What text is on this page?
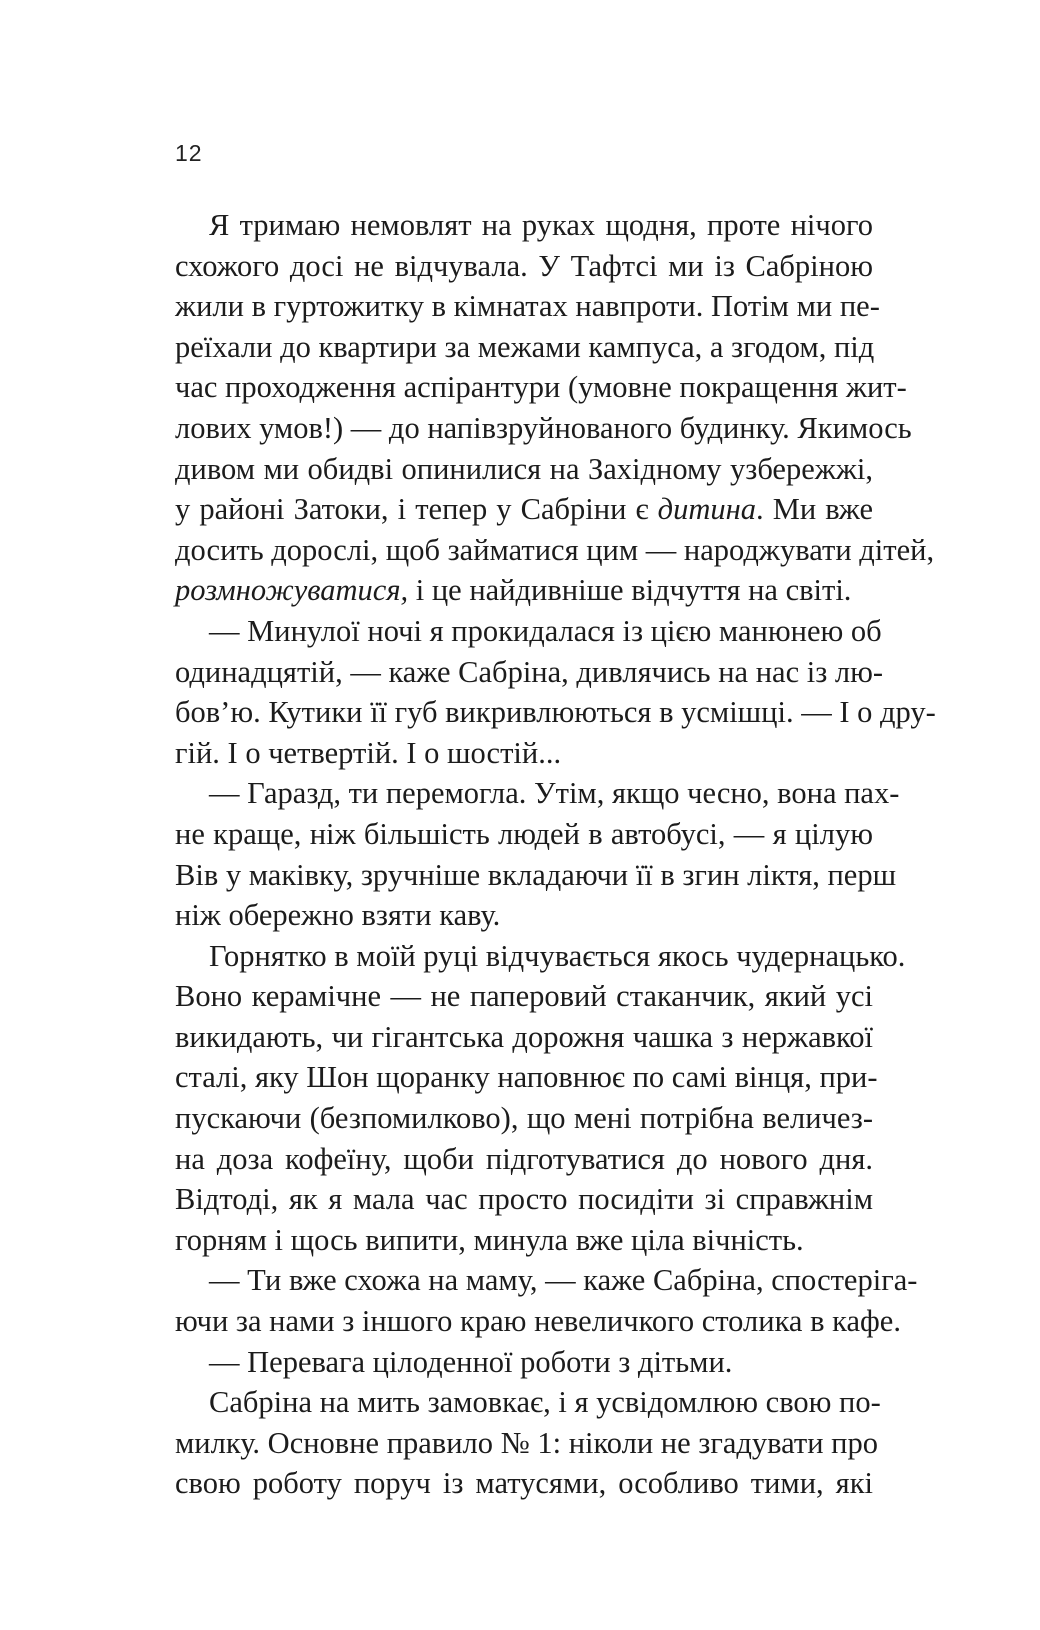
12
Я тримаю немовлят на руках щодня, проте нічого
схожого досі не відчувала. У Тафтсі ми із Сабріною
жили в гуртожитку в кімнатах навпроти. Потім ми пе-
реїхали до квартири за межами кампуса, а згодом, під
час проходження аспірантури (умовне покращення жит-
лових умов!) — до напівзруйнованого будинку. Якимось
дивом ми обидві опинилися на Західному узбережжі,
у районі Затоки, і тепер у Сабріни є дитина. Ми вже
досить дорослі, щоб займатися цим — народжувати дітей,
розмножуватися, і це найдивніше відчуття на світі.
— Минулої ночі я прокидалася із цією манюнею об
одинадцятій, — каже Сабріна, дивлячись на нас із лю-
бов’ю. Кутики її губ викривлюються в усмішці. — І о дру-
гій. І о четвертій. І о шостій...
— Гаразд, ти перемогла. Утім, якщо чесно, вона пах-
не краще, ніж більшість людей в автобусі, — я цілую
Вів у маківку, зручніше вкладаючи її в згин ліктя, перш
ніж обережно взяти каву.
Горнятко в моїй руці відчувається якось чудернацько.
Воно керамічне — не паперовий стаканчик, який усі
викидають, чи гігантська дорожня чашка з нержавкої
сталі, яку Шон щоранку наповнює по самі вінця, при-
пускаючи (безпомилково), що мені потрібна величез-
на доза кофеїну, щоби підготуватися до нового дня.
Відтоді, як я мала час просто посидіти зі справжнім
горням і щось випити, минула вже ціла вічність.
— Ти вже схожа на маму, — каже Сабріна, спостеріга-
ючи за нами з іншого краю невеличкого столика в кафе.
— Перевага цілоденної роботи з дітьми.
Сабріна на мить замовкає, і я усвідомлюю свою по-
милку. Основне правило № 1: ніколи не згадувати про
свою роботу поруч із матусями, особливо тими, які
